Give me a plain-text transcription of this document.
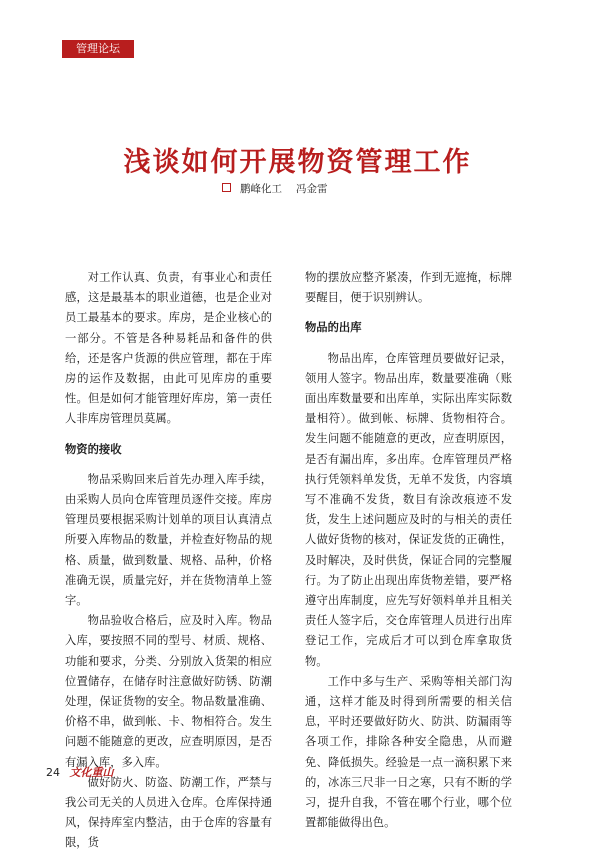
管理论坛
浅谈如何开展物资管理工作
鹏峰化工 冯金雷

对工作认真、负责，有事业心和责任感，这是最基本的职业道德，也是企业对员工最基本的要求。库房，是企业核心的一部分。不管是各种易耗品和备件的供给，还是客户货源的供应管理，都在于库房的运作及数据，由此可见库房的重要性。但是如何才能管理好库房，第一责任人非库房管理员莫属。

物资的接收

物品采购回来后首先办理入库手续，由采购人员向仓库管理员逐件交接。库房管理员要根据采购计划单的项目认真清点所要入库物品的数量，并检查好物品的规格、质量，做到数量、规格、品种，价格准确无误，质量完好，并在货物清单上签字。

物品验收合格后，应及时入库。物品入库，要按照不同的型号、材质、规格、功能和要求，分类、分别放入货架的相应位置储存，在储存时注意做好防锈、防潮处理，保证货物的安全。物品数量准确、价格不串，做到帐、卡、物相符合。发生问题不能随意的更改，应查明原因，是否有漏入库，多入库。

做好防火、防盗、防潮工作，严禁与我公司无关的人员进入仓库。仓库保持通风，保持库室内整洁，由于仓库的容量有限，货

物的摆放应整齐紧凑，作到无遮掩，标牌要醒目，便于识别辨认。

物品的出库

物品出库，仓库管理员要做好记录，领用人签字。物品出库，数量要准确（账面出库数量要和出库单，实际出库实际数量相符）。做到帐、标牌、货物相符合。发生问题不能随意的更改，应查明原因，是否有漏出库，多出库。仓库管理员严格执行凭领料单发货，无单不发货，内容填写不准确不发货，数目有涂改痕迹不发货，发生上述问题应及时的与相关的责任人做好货物的核对，保证发货的正确性，及时解决，及时供货，保证合同的完整履行。为了防止出现出库货物差错，要严格遵守出库制度，应先写好领料单并且相关责任人签字后，交仓库管理人员进行出库登记工作，完成后才可以到仓库拿取货物。

工作中多与生产、采购等相关部门沟通，这样才能及时得到所需要的相关信息，平时还要做好防火、防洪、防漏雨等各项工作，排除各种安全隐患，从而避免、降低损失。经验是一点一滴积累下来的，冰冻三尺非一日之寒，只有不断的学习，提升自我，不管在哪个行业，哪个位置都能做得出色。

24 文化重山
